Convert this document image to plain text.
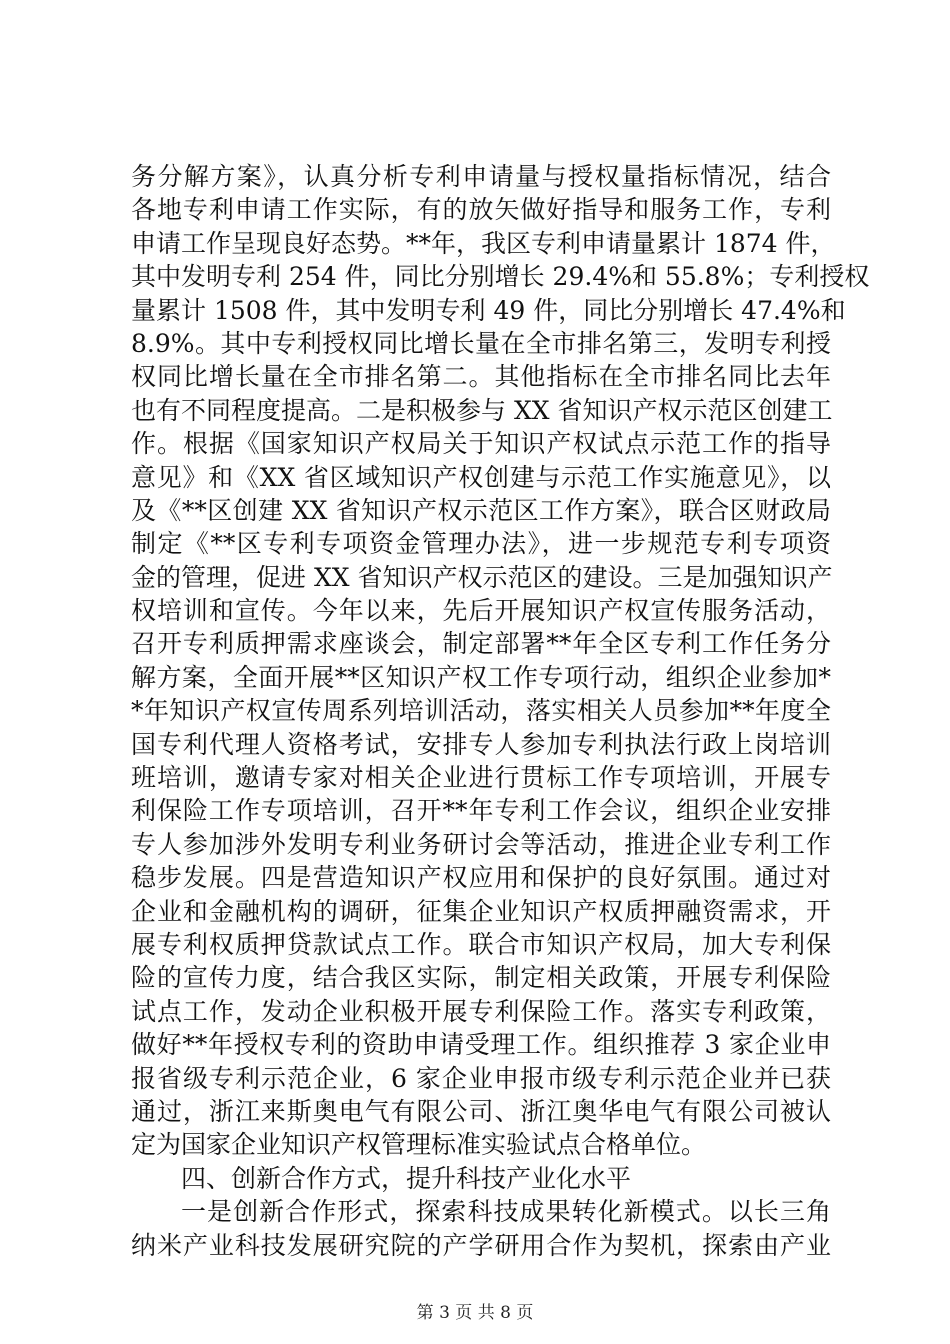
务分解方案》，认真分析专利申请量与授权量指标情况，结合
各地专利申请工作实际，有的放矢做好指导和服务工作，专利
申请工作呈现良好态势。**年，我区专利申请量累计 1874 件，
其中发明专利 254 件，同比分别增长 29.4%和 55.8%；专利授权
量累计 1508 件，其中发明专利 49 件，同比分别增长 47.4%和
8.9%。其中专利授权同比增长量在全市排名第三，发明专利授
权同比增长量在全市排名第二。其他指标在全市排名同比去年
也有不同程度提高。二是积极参与 XX 省知识产权示范区创建工
作。根据《国家知识产权局关于知识产权试点示范工作的指导
意见》和《XX 省区域知识产权创建与示范工作实施意见》，以
及《**区创建 XX 省知识产权示范区工作方案》，联合区财政局
制定《**区专利专项资金管理办法》，进一步规范专利专项资
金的管理，促进 XX 省知识产权示范区的建设。三是加强知识产
权培训和宣传。今年以来，先后开展知识产权宣传服务活动，
召开专利质押需求座谈会，制定部署**年全区专利工作任务分
解方案，全面开展**区知识产权工作专项行动，组织企业参加*
*年知识产权宣传周系列培训活动，落实相关人员参加**年度全
国专利代理人资格考试，安排专人参加专利执法行政上岗培训
班培训，邀请专家对相关企业进行贯标工作专项培训，开展专
利保险工作专项培训，召开**年专利工作会议，组织企业安排
专人参加涉外发明专利业务研讨会等活动，推进企业专利工作
稳步发展。四是营造知识产权应用和保护的良好氛围。通过对
企业和金融机构的调研，征集企业知识产权质押融资需求，开
展专利权质押贷款试点工作。联合市知识产权局，加大专利保
险的宣传力度，结合我区实际，制定相关政策，开展专利保险
试点工作，发动企业积极开展专利保险工作。落实专利政策，
做好**年授权专利的资助申请受理工作。组织推荐 3 家企业申
报省级专利示范企业，6 家企业申报市级专利示范企业并已获
通过，浙江来斯奥电气有限公司、浙江奥华电气有限公司被认
定为国家企业知识产权管理标准实验试点合格单位。
四、创新合作方式，提升科技产业化水平
一是创新合作形式，探索科技成果转化新模式。以长三角
纳米产业科技发展研究院的产学研用合作为契机，探索由产业
第 3 页 共 8 页
